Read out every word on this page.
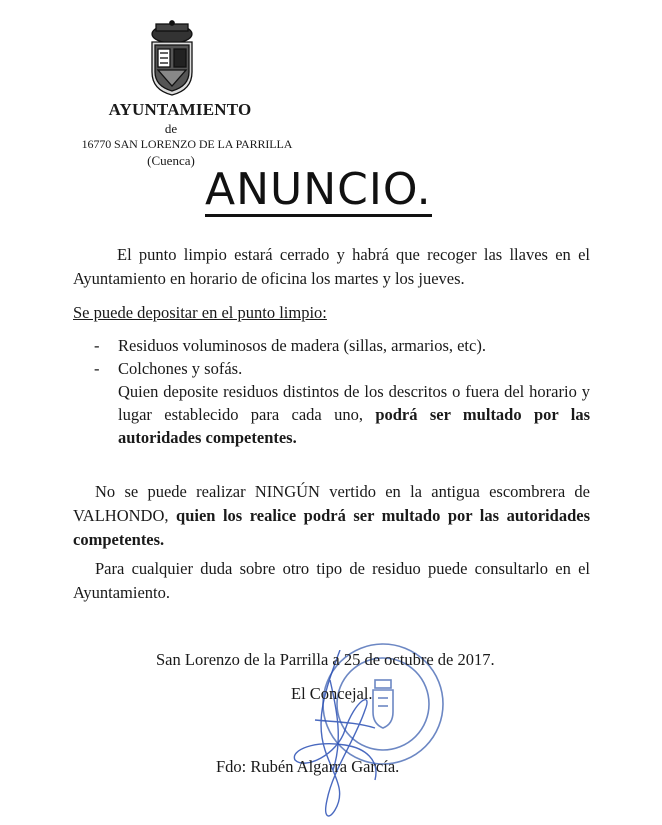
AYUNTAMIENTO
de
16770 SAN LORENZO DE LA PARRILLA
(Cuenca)
ANUNCIO.
El punto limpio estará cerrado y habrá que recoger las llaves en el Ayuntamiento en horario de oficina los martes y los jueves.
Se puede depositar en el punto limpio:
-	Residuos voluminosos de madera (sillas, armarios, etc).
-	Colchones y sofás.
Quien deposite residuos distintos de los descritos o fuera del horario y lugar establecido para cada uno, podrá ser multado por las autoridades competentes.
No se puede realizar NINGÚN vertido en la antigua escombrera de VALHONDO, quien los realice podrá ser multado por las autoridades competentes.
Para cualquier duda sobre otro tipo de residuo puede consultarlo en el Ayuntamiento.
San Lorenzo de la Parrilla a 25 de octubre de 2017.
El Concejal.
Fdo: Rubén Algarra García.
